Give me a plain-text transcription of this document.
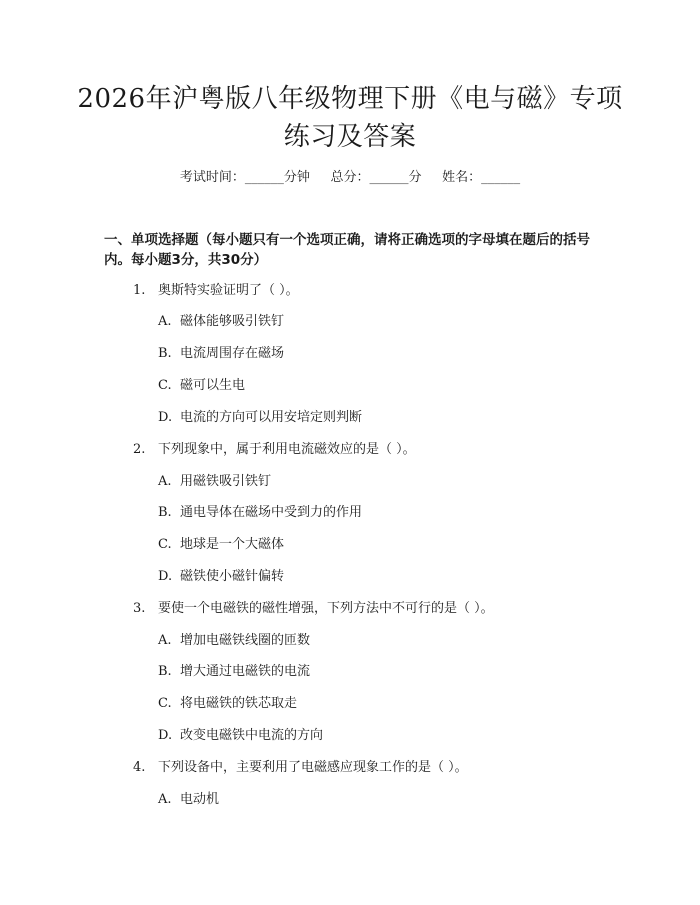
2026年沪粤版八年级物理下册《电与磁》专项练习及答案
考试时间：______分钟     总分：______分     姓名：______
一、单项选择题（每小题只有一个选项正确，请将正确选项的字母填在题后的括号内。每小题3分，共30分）
1. 奥斯特实验证明了（ ）。
A. 磁体能够吸引铁钉
B. 电流周围存在磁场
C. 磁可以生电
D. 电流的方向可以用安培定则判断
2. 下列现象中，属于利用电流磁效应的是（ ）。
A. 用磁铁吸引铁钉
B. 通电导体在磁场中受到力的作用
C. 地球是一个大磁体
D. 磁铁使小磁针偏转
3. 要使一个电磁铁的磁性增强，下列方法中不可行的是（ ）。
A. 增加电磁铁线圈的匝数
B. 增大通过电磁铁的电流
C. 将电磁铁的铁芯取走
D. 改变电磁铁中电流的方向
4. 下列设备中，主要利用了电磁感应现象工作的是（ ）。
A. 电动机
